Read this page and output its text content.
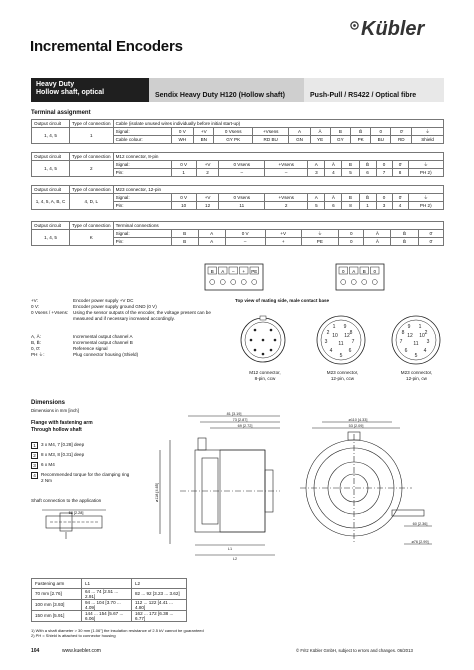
Kübler
Incremental Encoders
Heavy Duty
Hollow shaft, optical	Sendix Heavy Duty H120 (Hollow shaft)	Push-Pull / RS422 / Optical fibre
Terminal assignment
Output circuit	Type of connection	Cable (isolate unused wires individually before initial start-up)											
1, 4, 5	1	Signal:	0 V	+V	0 Vsens	+Vsens	A	Ā	B	B̄	0	0̄	⏚
		Cable colour:	WH	BN	GY PK	RD BU	GN	YE	GY	PK	BU	RD	Shield
Output circuit	Type of connection	M12 connector, 8-pin											
1, 4, 5	2	Signal:	0 V	+V	0 Vsens	+Vsens	A	Ā	B	B̄	0	0̄	⏚
		Pin:	1	2	–	–	3	4	5	6	7	8	PH 2)
Output circuit	Type of connection	M23 connector, 12-pin											
1, 4, 5, A, B, C	4, D, L	Signal:	0 V	+V	0 Vsens	+Vsens	A	Ā	B	B̄	0	0̄	⏚
		Pin:	10	12	11	2	5	6	8	1	3	4	PH 2)
Output circuit	Type of connection	Terminal connections									
1, 4, 5	K	Signal:	B	A	0 V	+V	⏚	0	Ā	B̄	0̄
		Pin:	B	A	–	+	PE	0	Ā	B̄	0̄
B A – + PE	0 A B 0
+V:	Encoder power supply +V DC
0 V:	Encoder power supply ground GND (0 V)
0 Vsens / +Vsens: Using the sensor outputs of the encoder, the voltage present can be measured and if necessary increased accordingly.
A, Ā:	Incremental output channel A
B, B̄:	Incremental output channel B
0, 0̄:	Reference signal
PH ⏚:	Plug connector housing (Shield)
Top view of mating side, male contact base
1 9
2	8
10 12
3	7
11
4	6
5
9 1
8	2
12 10
7	3
11
6	4
5
M12 connector,
8-pin, ccw
M23 connector,
12-pin, ccw
M23 connector,
12-pin, cw
Dimensions
Dimensions in mm [inch]
Flange with fastening arm
Through hollow shaft
1	3 x M4, 7 [0.28] deep
2	8 x M3, 8 [0.31] deep
3	6 x M4
4	Recommended torque for the clamping ring 2 Nm
Shaft connection to the application
58 [2.28]
81 [3.19]
73 [2.87]
69 [2.72]
L1
L2
ø118 [4.65]
ø110 [4.33]
53 [2.09]
60 [2.36]
ø76 [2.99]
Fastening arm	L1	L2
70 mm [2.76]	64 ... 74 [2.51 ... 2.91]	82 ... 92 [3.23 ... 3.62]
100 mm [3.93]	94 ... 104 [3.70 ... 4.09]	112 ... 122 [4.41 ... 4.80]
150 mm [5.91]	144 ... 154 [5.67 ... 6.06]	162 ... 172 [6.38 ... 6.77]
1) With a shaft diameter > 30 mm [1.06"] the insulation resistance of 2.5 kV cannot be guaranteed
2) PH = Shield is attached to connector housing
104	www.kuebler.com	© Fritz Kübler GmbH, subject to errors and changes. 06/2013
